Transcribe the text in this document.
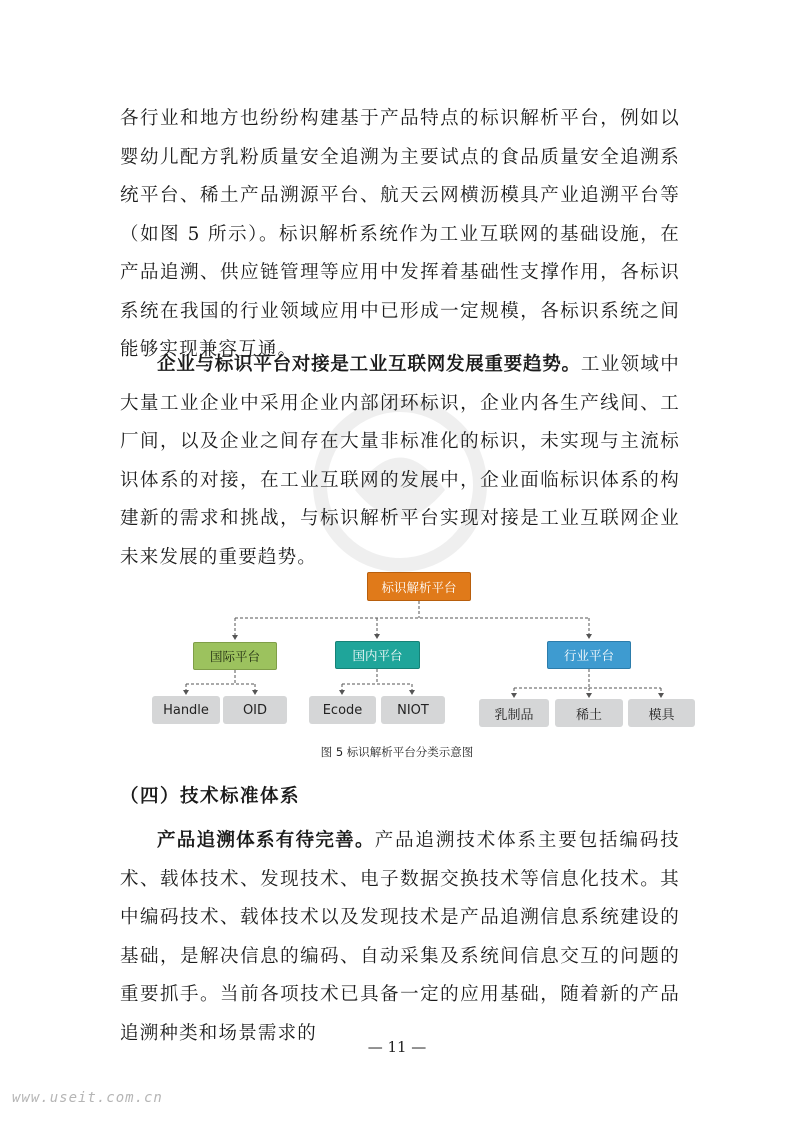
各行业和地方也纷纷构建基于产品特点的标识解析平台，例如以婴幼儿配方乳粉质量安全追溯为主要试点的食品质量安全追溯系统平台、稀土产品溯源平台、航天云网横沥模具产业追溯平台等（如图 5 所示）。标识解析系统作为工业互联网的基础设施，在产品追溯、供应链管理等应用中发挥着基础性支撑作用，各标识系统在我国的行业领域应用中已形成一定规模，各标识系统之间能够实现兼容互通。

企业与标识平台对接是工业互联网发展重要趋势。工业领域中大量工业企业中采用企业内部闭环标识，企业内各生产线间、工厂间，以及企业之间存在大量非标准化的标识，未实现与主流标识体系的对接，在工业互联网的发展中，企业面临标识体系的构建新的需求和挑战，与标识解析平台实现对接是工业互联网企业未来发展的重要趋势。

标识解析平台
国际平台	国内平台	行业平台
Handle	OID	Ecode	NIOT	乳制品	稀土	模具

图 5 标识解析平台分类示意图

（四）技术标准体系

产品追溯体系有待完善。产品追溯技术体系主要包括编码技术、载体技术、发现技术、电子数据交换技术等信息化技术。其中编码技术、载体技术以及发现技术是产品追溯信息系统建设的基础，是解决信息的编码、自动采集及系统间信息交互的问题的重要抓手。当前各项技术已具备一定的应用基础，随着新的产品追溯种类和场景需求的

— 11 —

www.useit.com.cn
